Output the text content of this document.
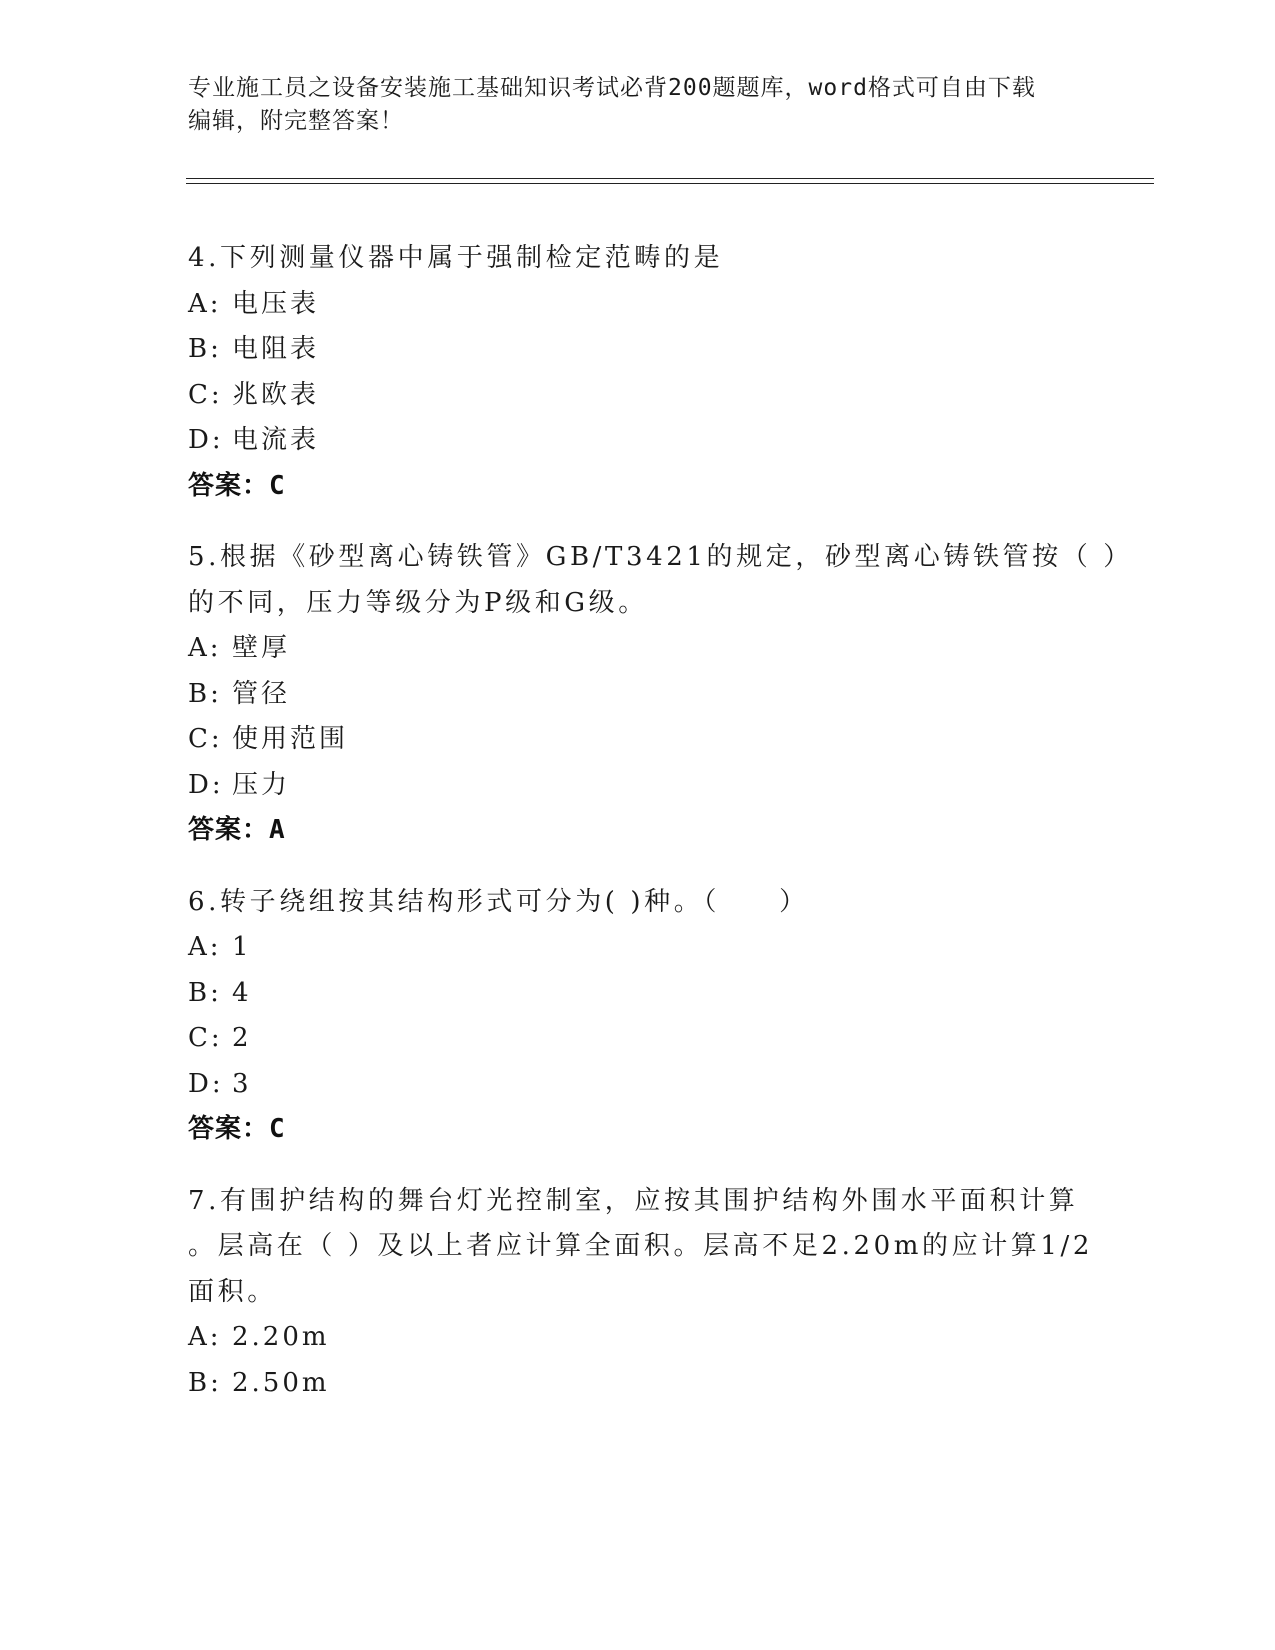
专业施工员之设备安装施工基础知识考试必背200题题库，word格式可自由下载
编辑，附完整答案！
4.下列测量仪器中属于强制检定范畴的是
A: 电压表
B: 电阻表
C: 兆欧表
D: 电流表
答案：C
5.根据《砂型离心铸铁管》GB/T3421的规定，砂型离心铸铁管按（ ）
的不同，压力等级分为P级和G级。
A: 壁厚
B: 管径
C: 使用范围
D: 压力
答案：A
6.转子绕组按其结构形式可分为( )种。（　　）
A: 1
B: 4
C: 2
D: 3
答案：C
7.有围护结构的舞台灯光控制室，应按其围护结构外围水平面积计算
。层高在（ ）及以上者应计算全面积。层高不足2.20m的应计算1/2
面积。
A: 2.20m
B: 2.50m
